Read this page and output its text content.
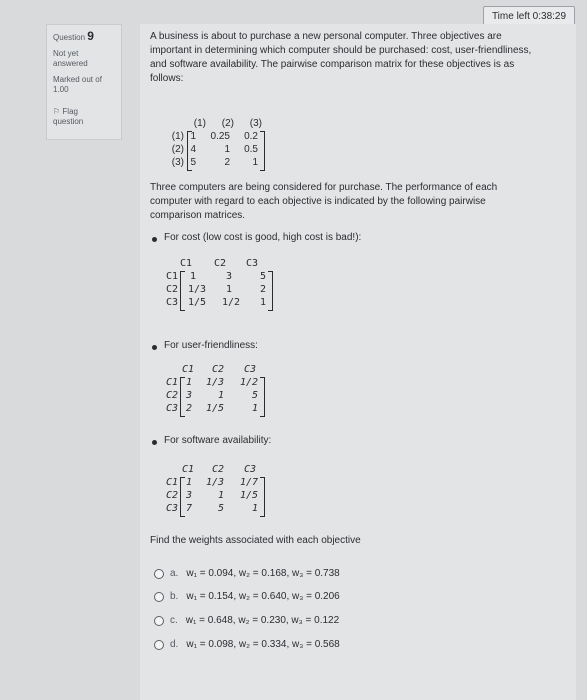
Time left 0:38:29
Question 9
Not yet
answered
Marked out of
1.00
⚐ Flag
question
A business is about to purchase a new personal computer. Three objectives are
important in determining which computer should be purchased: cost, user-friendliness,
and software availability. The pairwise comparison matrix for these objectives is as
follows:
(1)	(2)	(3)
(1) 1	0.25	0.2
(2) 4	1	0.5
(3) 5	2	1
Three computers are being considered for purchase. The performance of each
computer with regard to each objective is indicated by the following pairwise
comparison matrices.
For cost (low cost is good, high cost is bad!):
C1	C2	C3
C1	1	3	5
C2 1/3	1	2
C3 1/5	1/2	1
For user-friendliness:
C1	C2	C3
C1 1	1/3	1/2
C2 3	1	5
C3 2	1/5	1
For software availability:
C1	C2	C3
C1 1	1/3	1/7
C2 3	1	1/5
C3 7	5	1
Find the weights associated with each objective
a. w₁ = 0.094, w₂ = 0.168, w₃ = 0.738
b. w₁ = 0.154, w₂ = 0.640, w₃ = 0.206
c. w₁ = 0.648, w₂ = 0.230, w₃ = 0.122
d. w₁ = 0.098, w₂ = 0.334, w₃ = 0.568
